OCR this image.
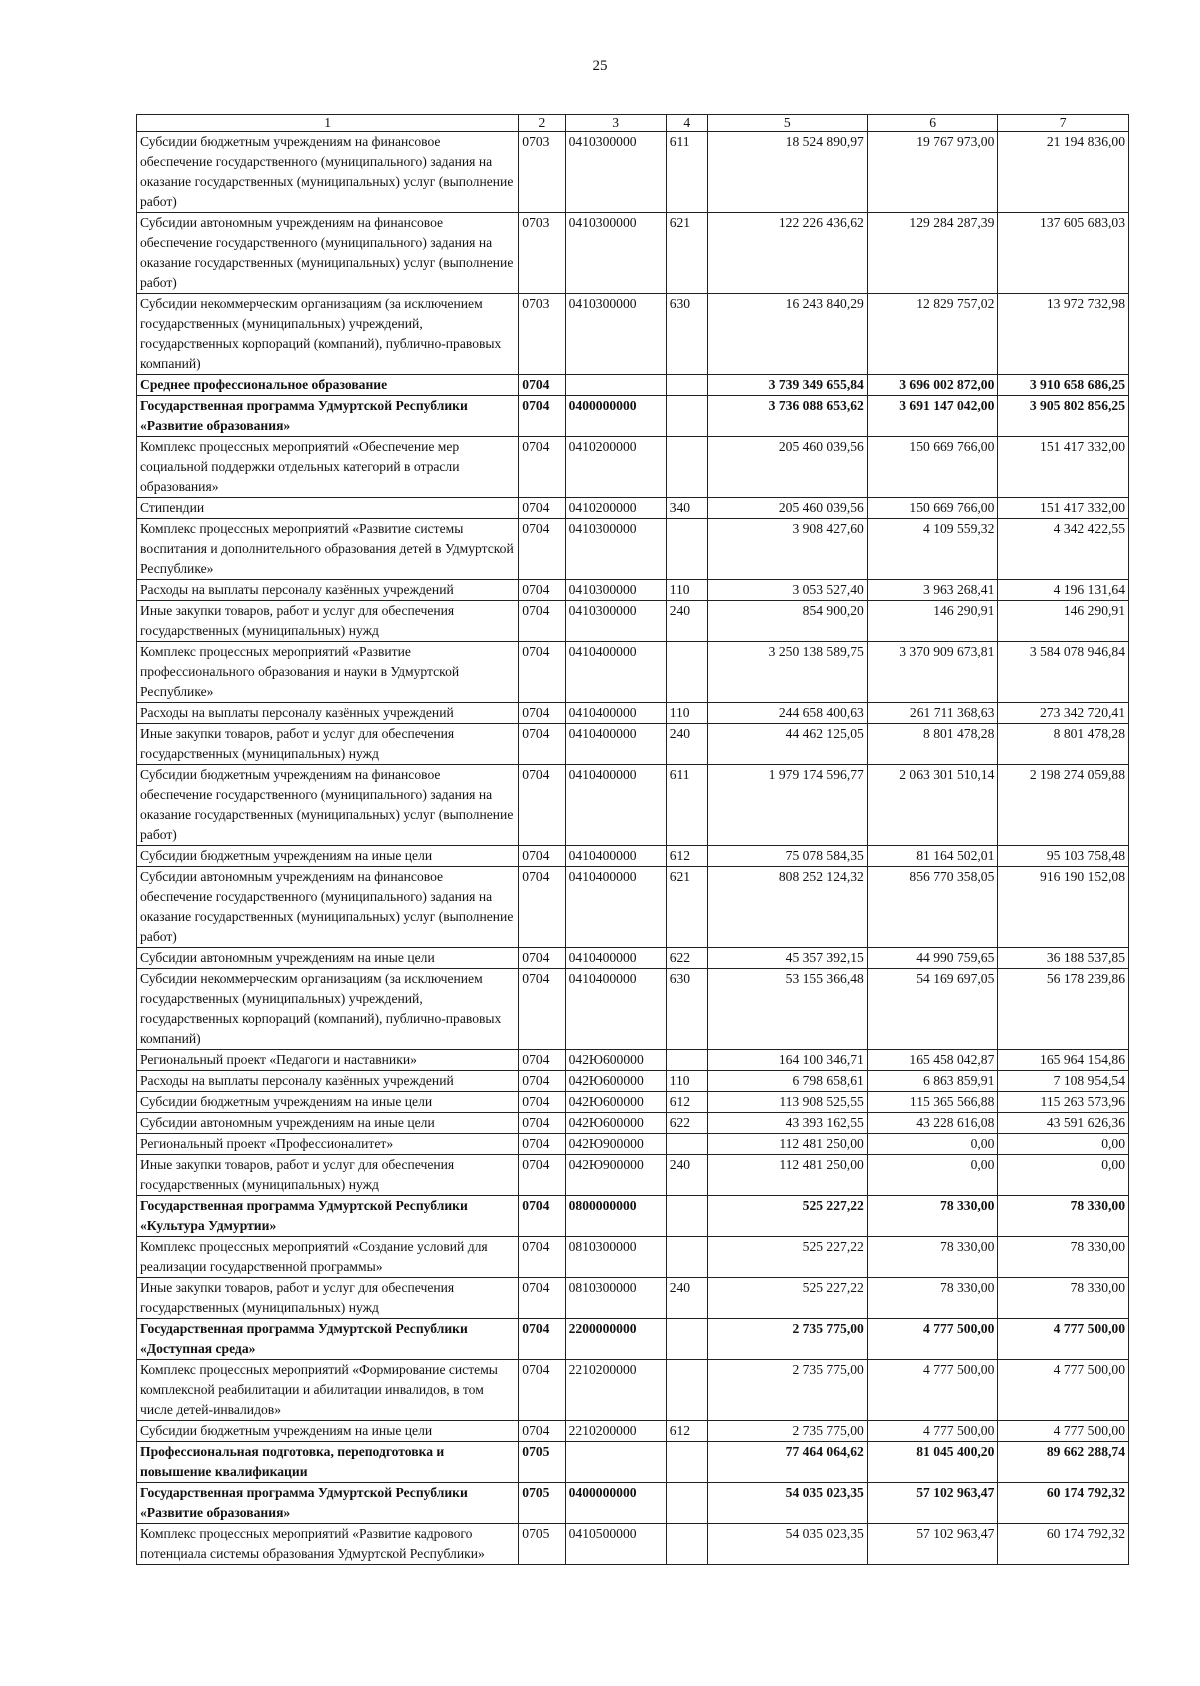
25
1	2	3	4	5	6	7
Субсидии бюджетным учреждениям на финансовое обеспечение государственного (муниципального) задания на оказание государственных (муниципальных) услуг (выполнение работ)	0703	0410300000	611	18 524 890,97	19 767 973,00	21 194 836,00
Субсидии автономным учреждениям на финансовое обеспечение государственного (муниципального) задания на оказание государственных (муниципальных) услуг (выполнение работ)	0703	0410300000	621	122 226 436,62	129 284 287,39	137 605 683,03
Субсидии некоммерческим организациям (за исключением государственных (муниципальных) учреждений, государственных корпораций (компаний), публично-правовых компаний)	0703	0410300000	630	16 243 840,29	12 829 757,02	13 972 732,98
Среднее профессиональное образование	0704			3 739 349 655,84	3 696 002 872,00	3 910 658 686,25
Государственная программа Удмуртской Республики «Развитие образования»	0704	0400000000		3 736 088 653,62	3 691 147 042,00	3 905 802 856,25
Комплекс процессных мероприятий «Обеспечение мер социальной поддержки отдельных категорий в отрасли образования»	0704	0410200000		205 460 039,56	150 669 766,00	151 417 332,00
Стипендии	0704	0410200000	340	205 460 039,56	150 669 766,00	151 417 332,00
Комплекс процессных мероприятий «Развитие системы воспитания и дополнительного образования детей в Удмуртской Республике»	0704	0410300000		3 908 427,60	4 109 559,32	4 342 422,55
Расходы на выплаты персоналу казённых учреждений	0704	0410300000	110	3 053 527,40	3 963 268,41	4 196 131,64
Иные закупки товаров, работ и услуг для обеспечения государственных (муниципальных) нужд	0704	0410300000	240	854 900,20	146 290,91	146 290,91
Комплекс процессных мероприятий «Развитие профессионального образования и науки в Удмуртской Республике»	0704	0410400000		3 250 138 589,75	3 370 909 673,81	3 584 078 946,84
Расходы на выплаты персоналу казённых учреждений	0704	0410400000	110	244 658 400,63	261 711 368,63	273 342 720,41
Иные закупки товаров, работ и услуг для обеспечения государственных (муниципальных) нужд	0704	0410400000	240	44 462 125,05	8 801 478,28	8 801 478,28
Субсидии бюджетным учреждениям на финансовое обеспечение государственного (муниципального) задания на оказание государственных (муниципальных) услуг (выполнение работ)	0704	0410400000	611	1 979 174 596,77	2 063 301 510,14	2 198 274 059,88
Субсидии бюджетным учреждениям на иные цели	0704	0410400000	612	75 078 584,35	81 164 502,01	95 103 758,48
Субсидии автономным учреждениям на финансовое обеспечение государственного (муниципального) задания на оказание государственных (муниципальных) услуг (выполнение работ)	0704	0410400000	621	808 252 124,32	856 770 358,05	916 190 152,08
Субсидии автономным учреждениям на иные цели	0704	0410400000	622	45 357 392,15	44 990 759,65	36 188 537,85
Субсидии некоммерческим организациям (за исключением государственных (муниципальных) учреждений, государственных корпораций (компаний), публично-правовых компаний)	0704	0410400000	630	53 155 366,48	54 169 697,05	56 178 239,86
Региональный проект «Педагоги и наставники»	0704	042Ю600000		164 100 346,71	165 458 042,87	165 964 154,86
Расходы на выплаты персоналу казённых учреждений	0704	042Ю600000	110	6 798 658,61	6 863 859,91	7 108 954,54
Субсидии бюджетным учреждениям на иные цели	0704	042Ю600000	612	113 908 525,55	115 365 566,88	115 263 573,96
Субсидии автономным учреждениям на иные цели	0704	042Ю600000	622	43 393 162,55	43 228 616,08	43 591 626,36
Региональный проект «Профессионалитет»	0704	042Ю900000		112 481 250,00	0,00	0,00
Иные закупки товаров, работ и услуг для обеспечения государственных (муниципальных) нужд	0704	042Ю900000	240	112 481 250,00	0,00	0,00
Государственная программа Удмуртской Республики «Культура Удмуртии»	0704	0800000000		525 227,22	78 330,00	78 330,00
Комплекс процессных мероприятий «Создание условий для реализации государственной программы»	0704	0810300000		525 227,22	78 330,00	78 330,00
Иные закупки товаров, работ и услуг для обеспечения государственных (муниципальных) нужд	0704	0810300000	240	525 227,22	78 330,00	78 330,00
Государственная программа Удмуртской Республики «Доступная среда»	0704	2200000000		2 735 775,00	4 777 500,00	4 777 500,00
Комплекс процессных мероприятий «Формирование системы комплексной реабилитации и абилитации инвалидов, в том числе детей-инвалидов»	0704	2210200000		2 735 775,00	4 777 500,00	4 777 500,00
Субсидии бюджетным учреждениям на иные цели	0704	2210200000	612	2 735 775,00	4 777 500,00	4 777 500,00
Профессиональная подготовка, переподготовка и повышение квалификации	0705			77 464 064,62	81 045 400,20	89 662 288,74
Государственная программа Удмуртской Республики «Развитие образования»	0705	0400000000		54 035 023,35	57 102 963,47	60 174 792,32
Комплекс процессных мероприятий «Развитие кадрового потенциала системы образования Удмуртской Республики»	0705	0410500000		54 035 023,35	57 102 963,47	60 174 792,32
